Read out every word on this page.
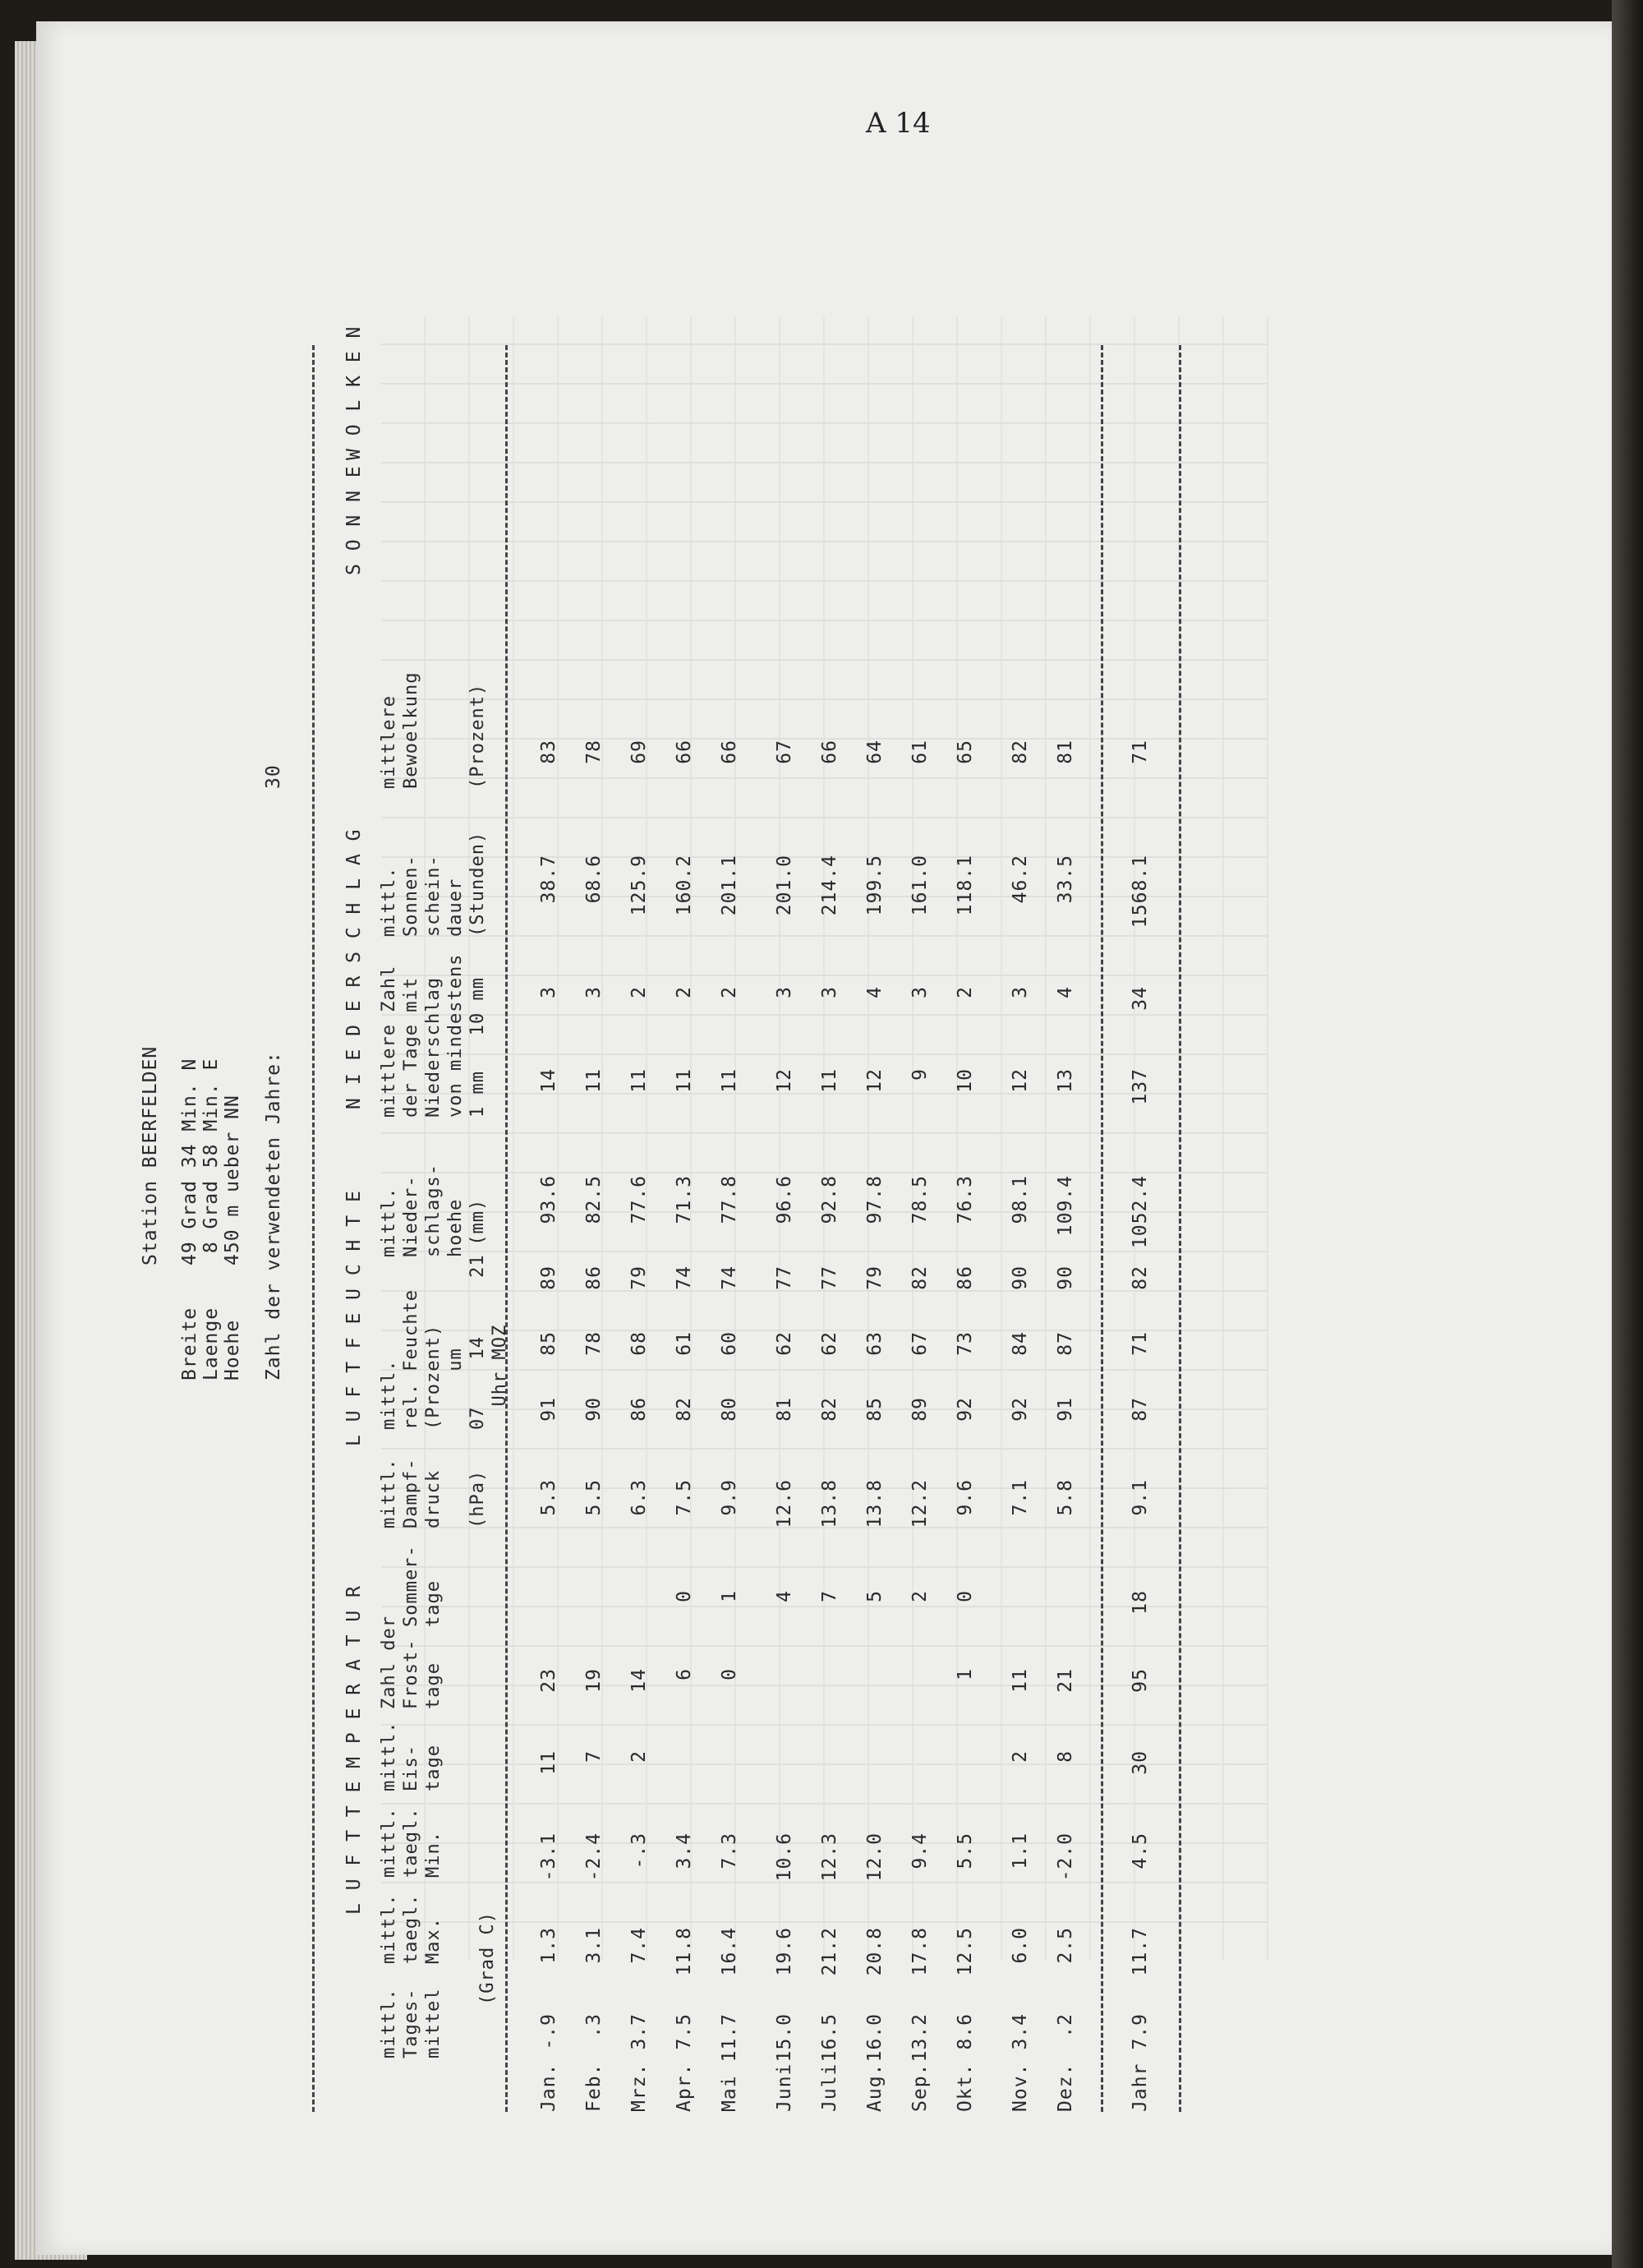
A 14
Station BEERFELDEN
Breite
49 Grad 34 Min. N
Laenge
8 Grad 58 Min. E
Hoehe
450 m ueber NN Zahl der verwendeten Jahre:
30
L U F T T E M P E R A T U R
L U F T F E U C H T E
N I E D E R S C H L A G
S O N N E
W O L K E N
mittl.
Tages-
mittel
mittl.
taegl.
Max.
mittl.
taegl.
Min.
(Grad C)
mittl.
Eis-
tage
Zahl der Frost-
tage
Sommer-
tage
mittl.
Dampf-
druck

(hPa)
mittl.
rel. Feuchte
(Prozent)
um
07    14     21
Uhr MOZ
mittl.
Nieder-
schlags-
hoehe
(mm)
mittlere Zahl
der Tage mit
Niederschlag
von mindestens
1 mm   10 mm
mittl.
Sonnen-
schein-
dauer
(Stunden)
mittlere
Bewoelkung

(Prozent)
Jan.
-.9
1.3
-3.1
11
23
5.3
91
85
89
93.6
14
3
38.7
83
Feb.
.3
3.1
-2.4
7
19
5.5
90
78
86
82.5
11
3
68.6
78
Mrz.
3.7
7.4
-.3
2
14
6.3
86
68
79
77.6
11
2
125.9
69
Apr.
7.5
11.8
3.4
6
0
7.5
82
61
74
71.3
11
2
160.2
66
Mai
11.7
16.4
7.3
0
1
9.9
80
60
74
77.8
11
2
201.1
66
Juni
15.0
19.6
10.6
4
12.6
81
62
77
96.6
12
3
201.0
67
Juli
16.5
21.2
12.3
7
13.8
82
62
77
92.8
11
3
214.4
66
Aug.
16.0
20.8
12.0
5
13.8
85
63
79
97.8
12
4
199.5
64
Sep.
13.2
17.8
9.4
2
12.2
89
67
82
78.5
9
3
161.0
61
Okt.
8.6
12.5
5.5
1
0
9.6
92
73
86
76.3
10
2
118.1
65
Nov.
3.4
6.0
1.1
2
11
7.1
92
84
90
98.1
12
3
46.2
82
Dez.
.2
2.5
-2.0
8
21
5.8
91
87
90
109.4
13
4
33.5
81
Jahr
7.9
11.7
4.5
30
95
18
9.1
87
71
82
1052.4
137
34
1568.1
71
